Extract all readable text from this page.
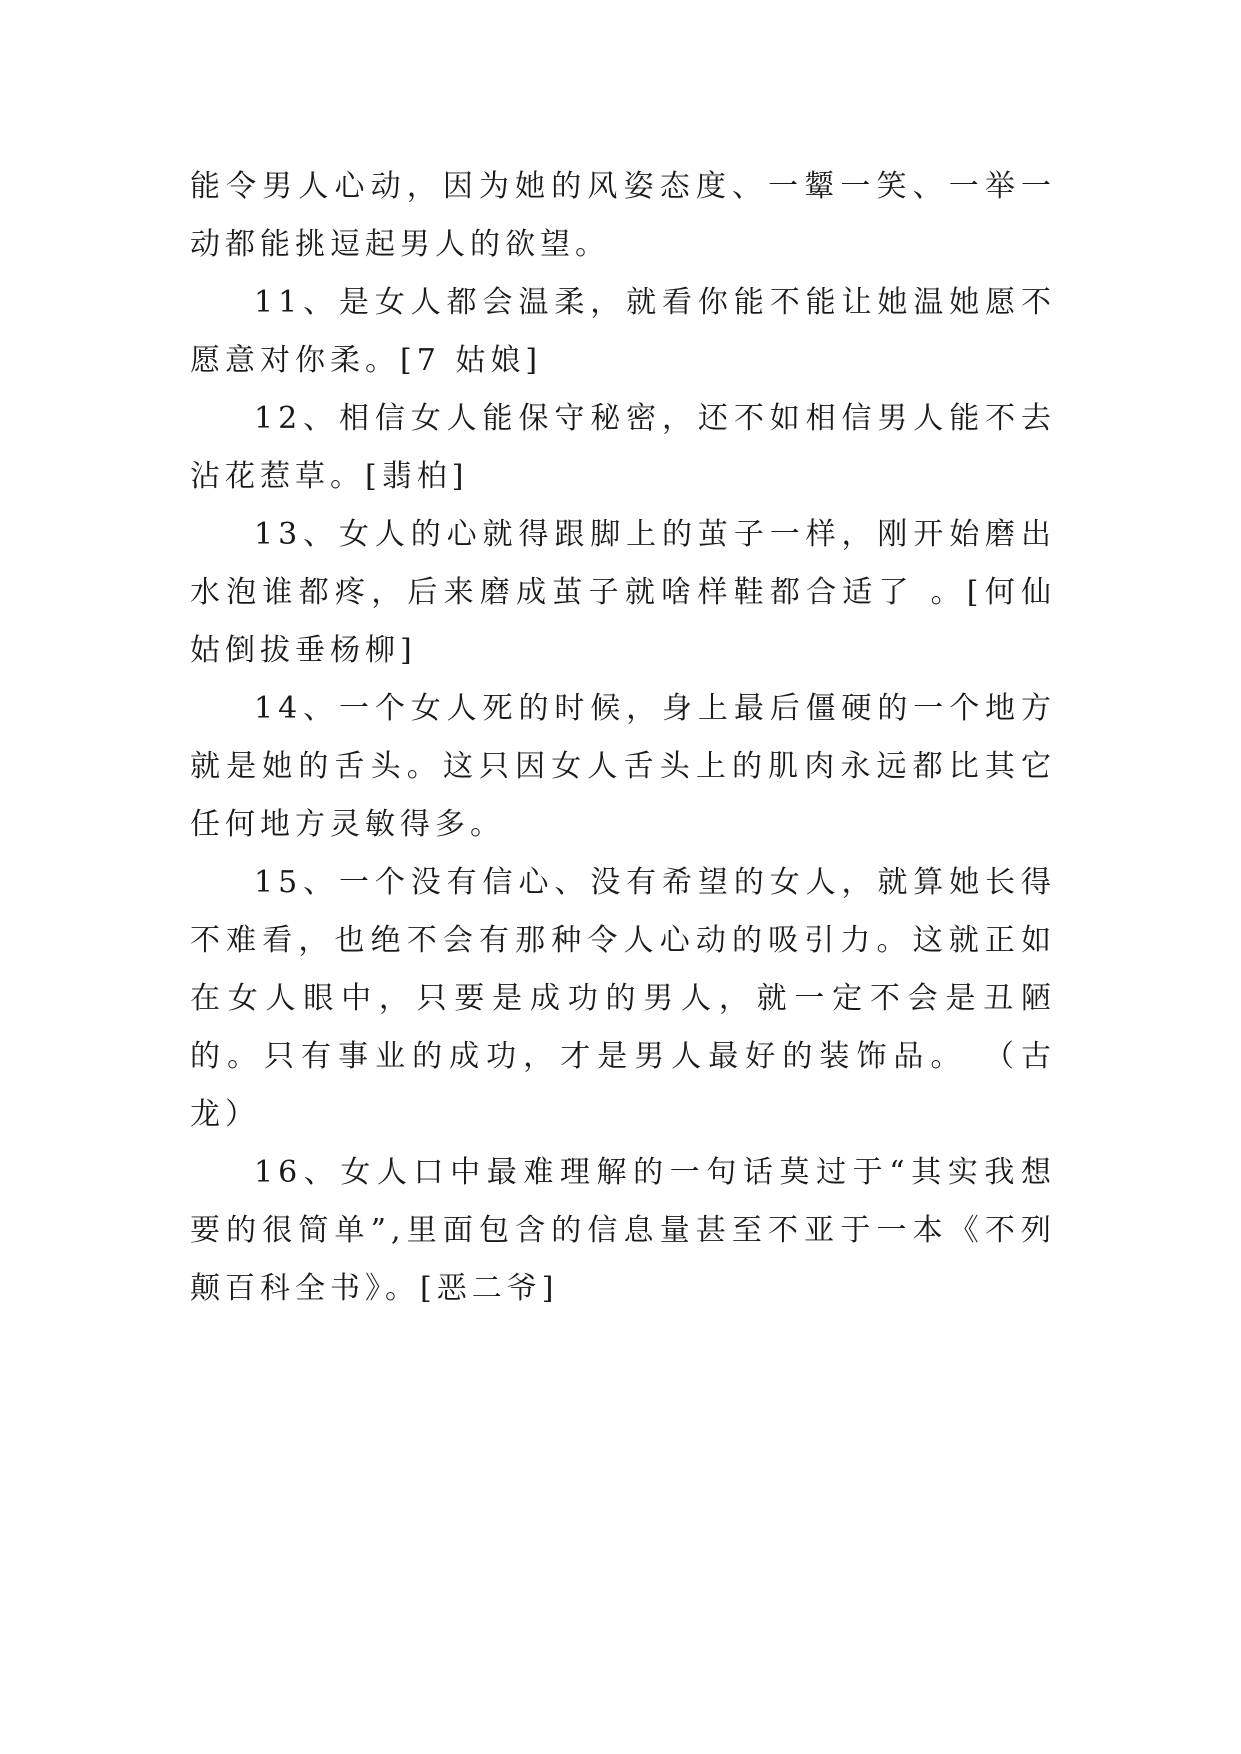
能令男人心动，因为她的风姿态度、一颦一笑、一举一动都能挑逗起男人的欲望。

11、是女人都会温柔，就看你能不能让她温她愿不愿意对你柔。[7 姑娘]

12、相信女人能保守秘密，还不如相信男人能不去沾花惹草。[翡柏]

13、女人的心就得跟脚上的茧子一样，刚开始磨出水泡谁都疼，后来磨成茧子就啥样鞋都合适了 。[何仙姑倒拔垂杨柳]

14、一个女人死的时候，身上最后僵硬的一个地方就是她的舌头。这只因女人舌头上的肌肉永远都比其它任何地方灵敏得多。

15、一个没有信心、没有希望的女人，就算她长得不难看，也绝不会有那种令人心动的吸引力。这就正如在女人眼中，只要是成功的男人，就一定不会是丑陋的。只有事业的成功，才是男人最好的装饰品。 （古龙）

16、女人口中最难理解的一句话莫过于“其实我想要的很简单”,里面包含的信息量甚至不亚于一本《不列颠百科全书》。[恶二爷]
